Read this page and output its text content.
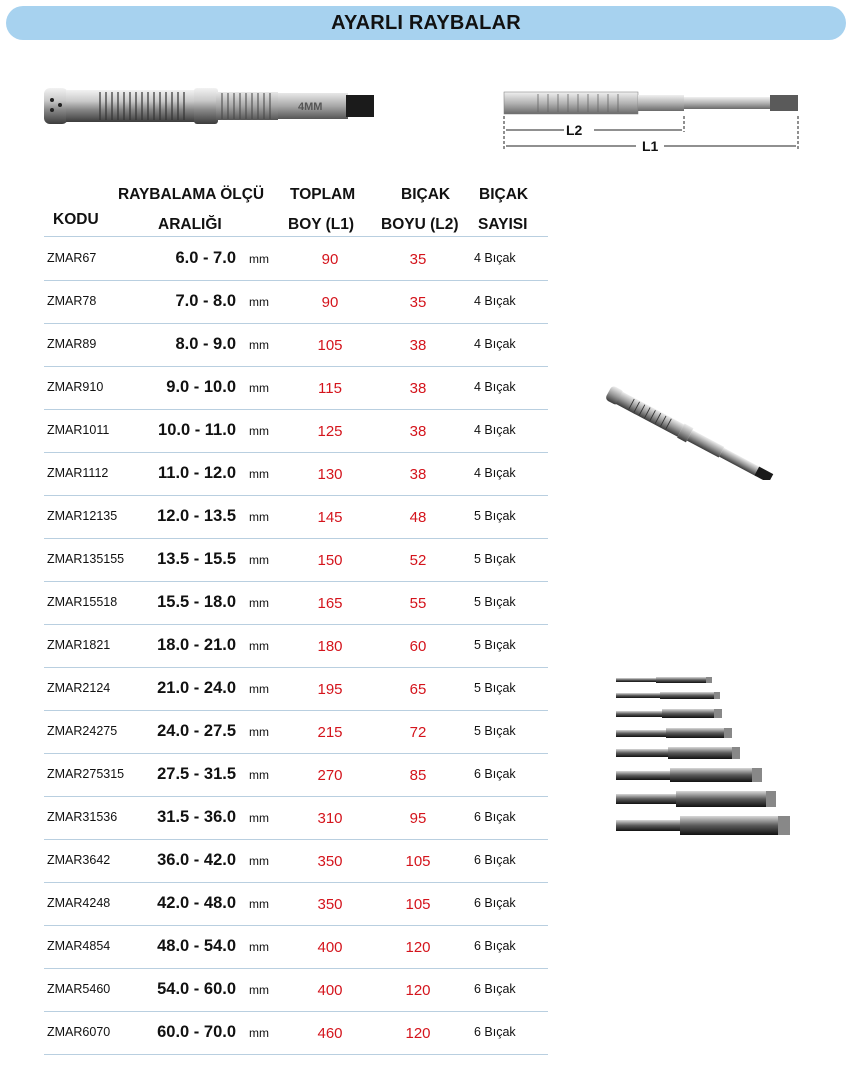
AYARLI RAYBALAR
4MM
L2
L1
RAYBALAMA ÖLÇÜ
ARALIĞI
KODU
TOPLAM
BOY (L1)
BIÇAK
BOYU (L2)
BIÇAK
SAYISI
ZMAR67	6.0 - 7.0 mm	90	35	4 Bıçak
ZMAR78	7.0 - 8.0 mm	90	35	4 Bıçak
ZMAR89	8.0 - 9.0 mm	105	38	4 Bıçak
ZMAR910	9.0 - 10.0 mm	115	38	4 Bıçak
ZMAR1011	10.0 - 11.0 mm	125	38	4 Bıçak
ZMAR1112	11.0 - 12.0 mm	130	38	4 Bıçak
ZMAR12135 12.0 - 13.5 mm	145	48	5 Bıçak
ZMAR135155 13.5 - 15.5 mm	150	52	5 Bıçak
ZMAR15518 15.5 - 18.0 mm	165	55	5 Bıçak
ZMAR1821	18.0 - 21.0 mm	180	60	5 Bıçak
ZMAR2124	21.0 - 24.0 mm	195	65	5 Bıçak
ZMAR24275 24.0 - 27.5 mm	215	72	5 Bıçak
ZMAR275315 27.5 - 31.5 mm	270	85	6 Bıçak
ZMAR31536 31.5 - 36.0 mm	310	95	6 Bıçak
ZMAR3642	36.0 - 42.0 mm	350	105	6 Bıçak
ZMAR4248	42.0 - 48.0 mm	350	105	6 Bıçak
ZMAR4854	48.0 - 54.0 mm	400	120	6 Bıçak
ZMAR5460	54.0 - 60.0 mm	400	120	6 Bıçak
ZMAR6070	60.0 - 70.0 mm	460	120	6 Bıçak
